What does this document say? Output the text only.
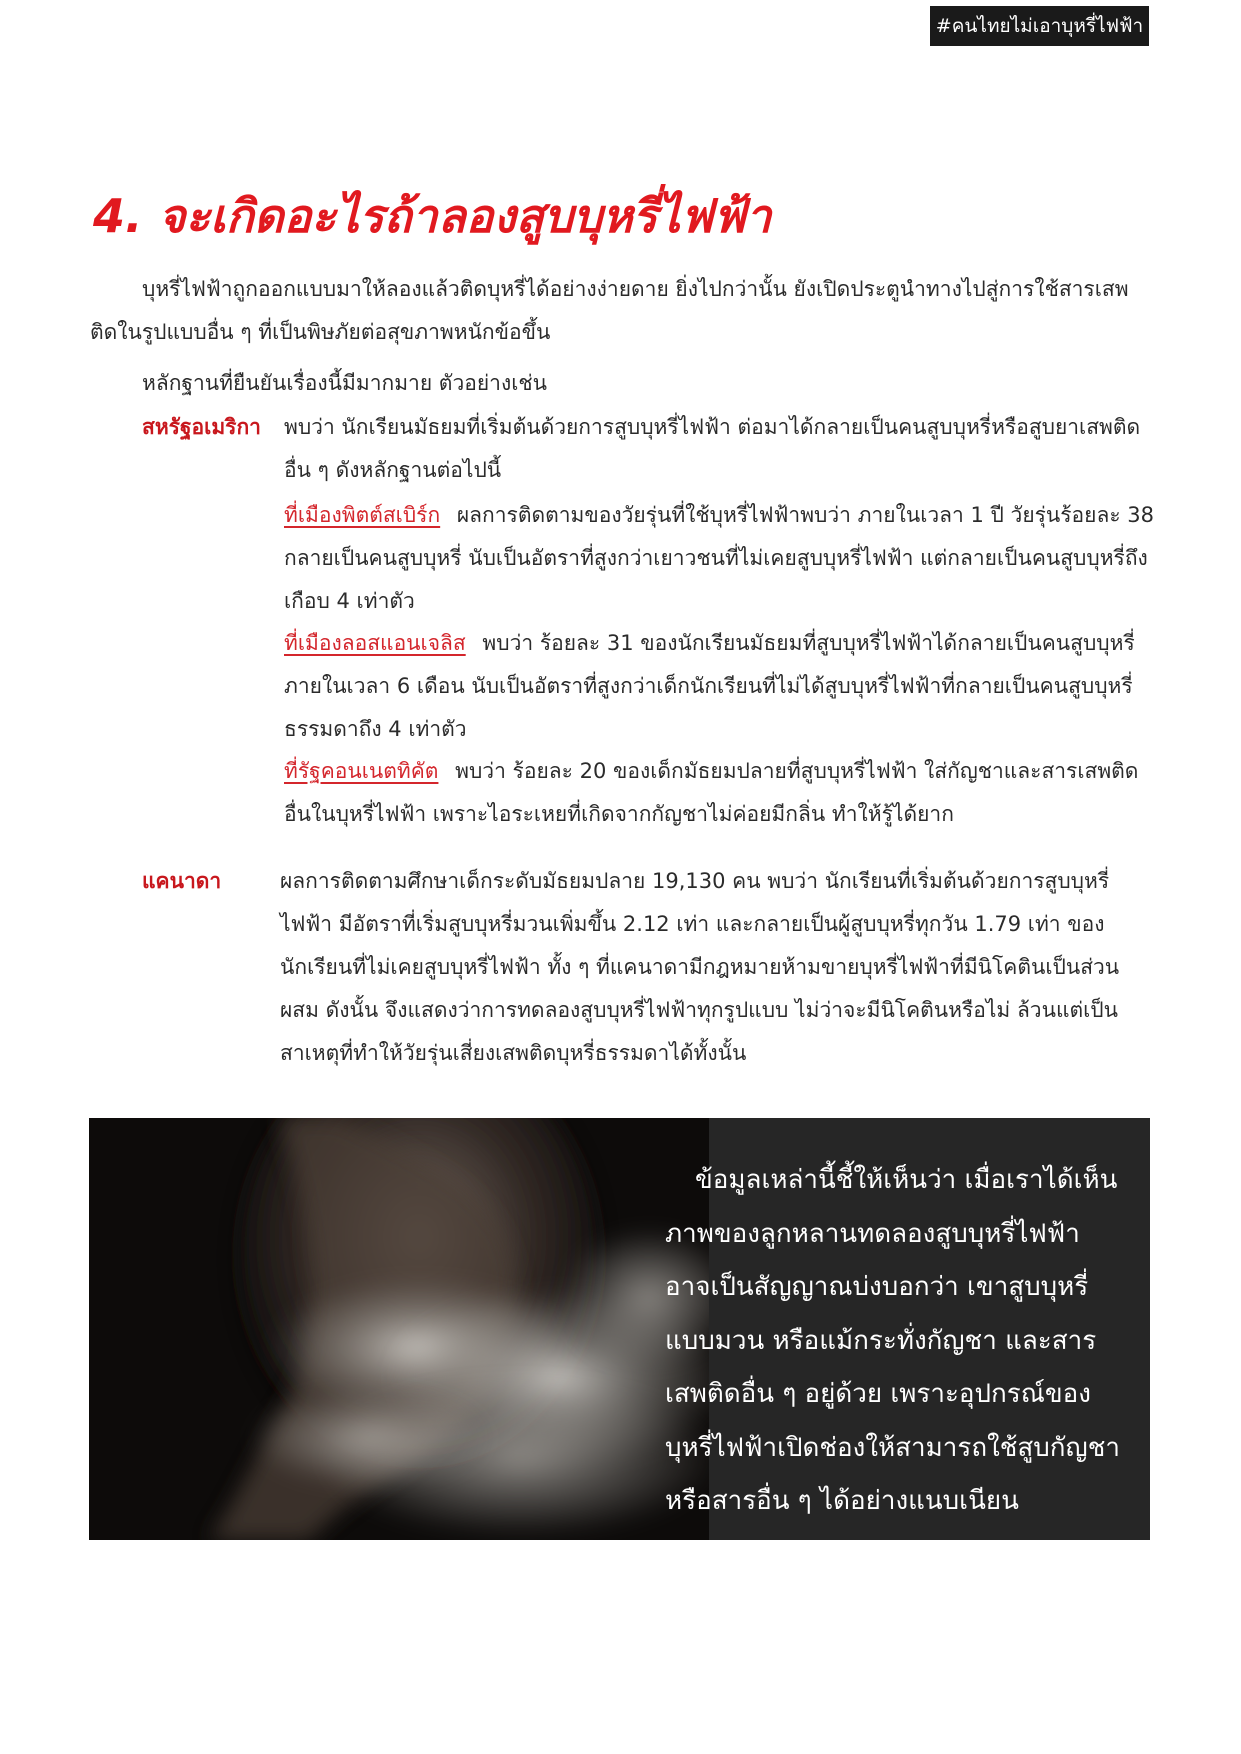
#คนไทยไม่เอาบุหรี่ไฟฟ้า
4. จะเกิดอะไรถ้าลองสูบบุหรี่ไฟฟ้า

บุหรี่ไฟฟ้าถูกออกแบบมาให้ลองแล้วติดบุหรี่ได้อย่างง่ายดาย ยิ่งไปกว่านั้น ยังเปิดประตูนำทางไปสู่การใช้สารเสพติดในรูปแบบอื่น ๆ ที่เป็นพิษภัยต่อสุขภาพหนักข้อขึ้น

หลักฐานที่ยืนยันเรื่องนี้มีมากมาย ตัวอย่างเช่น

สหรัฐอเมริกา พบว่า นักเรียนมัธยมที่เริ่มต้นด้วยการสูบบุหรี่ไฟฟ้า ต่อมาได้กลายเป็นคนสูบบุหรี่หรือสูบยาเสพติดอื่น ๆ ดังหลักฐานต่อไปนี้
ที่เมืองพิตต์สเบิร์ก ผลการติดตามของวัยรุ่นที่ใช้บุหรี่ไฟฟ้าพบว่า ภายในเวลา 1 ปี วัยรุ่นร้อยละ 38 กลายเป็นคนสูบบุหรี่ นับเป็นอัตราที่สูงกว่าเยาวชนที่ไม่เคยสูบบุหรี่ไฟฟ้า แต่กลายเป็นคนสูบบุหรี่ถึงเกือบ 4 เท่าตัว
ที่เมืองลอสแอนเจลิส พบว่า ร้อยละ 31 ของนักเรียนมัธยมที่สูบบุหรี่ไฟฟ้าได้กลายเป็นคนสูบบุหรี่ภายในเวลา 6 เดือน นับเป็นอัตราที่สูงกว่าเด็กนักเรียนที่ไม่ได้สูบบุหรี่ไฟฟ้าที่กลายเป็นคนสูบบุหรี่ธรรมดาถึง 4 เท่าตัว
ที่รัฐคอนเนตทิคัต พบว่า ร้อยละ 20 ของเด็กมัธยมปลายที่สูบบุหรี่ไฟฟ้า ใส่กัญชาและสารเสพติดอื่นในบุหรี่ไฟฟ้า เพราะไอระเหยที่เกิดจากกัญชาไม่ค่อยมีกลิ่น ทำให้รู้ได้ยาก
แคนาดา	ผลการติดตามศึกษาเด็กระดับมัธยมปลาย 19,130 คน พบว่า นักเรียนที่เริ่มต้นด้วยการสูบบุหรี่ไฟฟ้า มีอัตราที่เริ่มสูบบุหรี่มวนเพิ่มขึ้น 2.12 เท่า และกลายเป็นผู้สูบบุหรี่ทุกวัน 1.79 เท่า ของนักเรียนที่ไม่เคยสูบบุหรี่ไฟฟ้า ทั้ง ๆ ที่แคนาดามีกฎหมายห้ามขายบุหรี่ไฟฟ้าที่มีนิโคตินเป็นส่วนผสม ดังนั้น จึงแสดงว่าการทดลองสูบบุหรี่ไฟฟ้าทุกรูปแบบ ไม่ว่าจะมีนิโคตินหรือไม่ ล้วนแต่เป็นสาเหตุที่ทำให้วัยรุ่นเสี่ยงเสพติดบุหรี่ธรรมดาได้ทั้งนั้น

ข้อมูลเหล่านี้ชี้ให้เห็นว่า เมื่อเราได้เห็นภาพของลูกหลานทดลองสูบบุหรี่ไฟฟ้า อาจเป็นสัญญาณบ่งบอกว่า เขาสูบบุหรี่แบบมวน หรือแม้กระทั่งกัญชา และสารเสพติดอื่น ๆ อยู่ด้วย เพราะอุปกรณ์ของบุหรี่ไฟฟ้าเปิดช่องให้สามารถใช้สูบกัญชาหรือสารอื่น ๆ ได้อย่างแนบเนียน
